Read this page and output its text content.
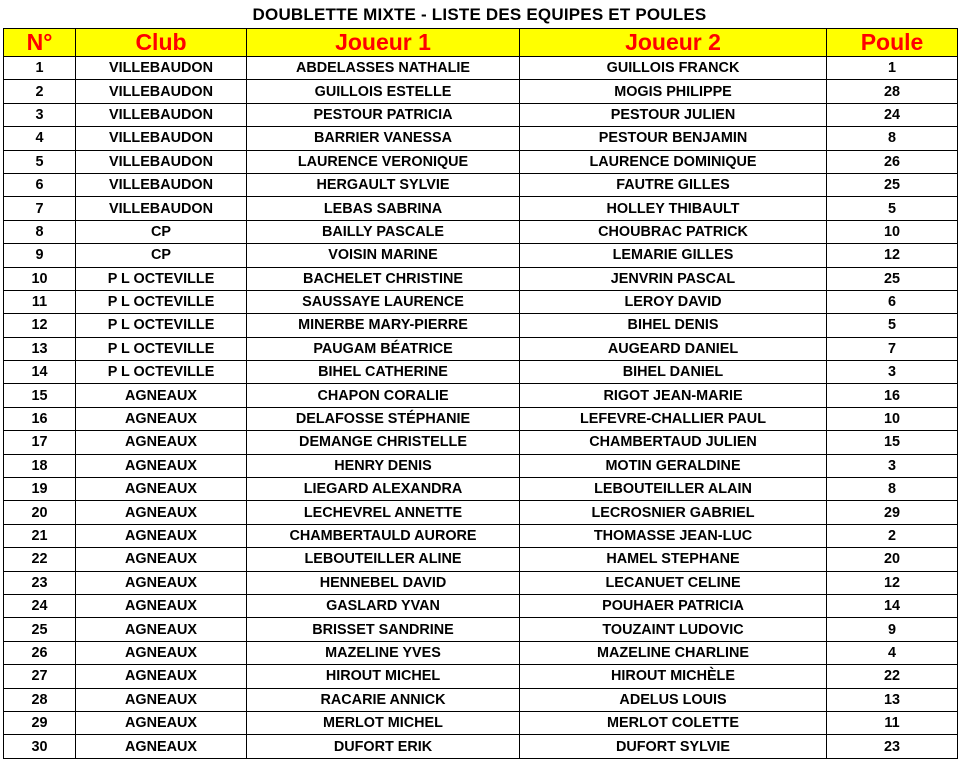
DOUBLETTE MIXTE - LISTE DES EQUIPES ET POULES
N°	Club	Joueur 1	Joueur 2	Poule
1	VILLEBAUDON	ABDELASSES NATHALIE	GUILLOIS FRANCK	1
2	VILLEBAUDON	GUILLOIS ESTELLE	MOGIS PHILIPPE	28
3	VILLEBAUDON	PESTOUR PATRICIA	PESTOUR JULIEN	24
4	VILLEBAUDON	BARRIER VANESSA	PESTOUR BENJAMIN	8
5	VILLEBAUDON	LAURENCE VERONIQUE	LAURENCE DOMINIQUE	26
6	VILLEBAUDON	HERGAULT SYLVIE	FAUTRE GILLES	25
7	VILLEBAUDON	LEBAS SABRINA	HOLLEY THIBAULT	5
8	CP	BAILLY PASCALE	CHOUBRAC PATRICK	10
9	CP	VOISIN MARINE	LEMARIE GILLES	12
10	P L OCTEVILLE	BACHELET CHRISTINE	JENVRIN PASCAL	25
11	P L OCTEVILLE	SAUSSAYE LAURENCE	LEROY DAVID	6
12	P L OCTEVILLE	MINERBE MARY-PIERRE	BIHEL DENIS	5
13	P L OCTEVILLE	PAUGAM BÉATRICE	AUGEARD DANIEL	7
14	P L OCTEVILLE	BIHEL CATHERINE	BIHEL DANIEL	3
15	AGNEAUX	CHAPON CORALIE	RIGOT JEAN-MARIE	16
16	AGNEAUX	DELAFOSSE STÉPHANIE	LEFEVRE-CHALLIER PAUL	10
17	AGNEAUX	DEMANGE CHRISTELLE	CHAMBERTAUD JULIEN	15
18	AGNEAUX	HENRY DENIS	MOTIN GERALDINE	3
19	AGNEAUX	LIEGARD ALEXANDRA	LEBOUTEILLER ALAIN	8
20	AGNEAUX	LECHEVREL ANNETTE	LECROSNIER GABRIEL	29
21	AGNEAUX	CHAMBERTAULD AURORE	THOMASSE JEAN-LUC	2
22	AGNEAUX	LEBOUTEILLER ALINE	HAMEL STEPHANE	20
23	AGNEAUX	HENNEBEL DAVID	LECANUET CELINE	12
24	AGNEAUX	GASLARD YVAN	POUHAER PATRICIA	14
25	AGNEAUX	BRISSET SANDRINE	TOUZAINT LUDOVIC	9
26	AGNEAUX	MAZELINE YVES	MAZELINE CHARLINE	4
27	AGNEAUX	HIROUT MICHEL	HIROUT MICHÈLE	22
28	AGNEAUX	RACARIE ANNICK	ADELUS LOUIS	13
29	AGNEAUX	MERLOT MICHEL	MERLOT COLETTE	11
30	AGNEAUX	DUFORT ERIK	DUFORT SYLVIE	23
